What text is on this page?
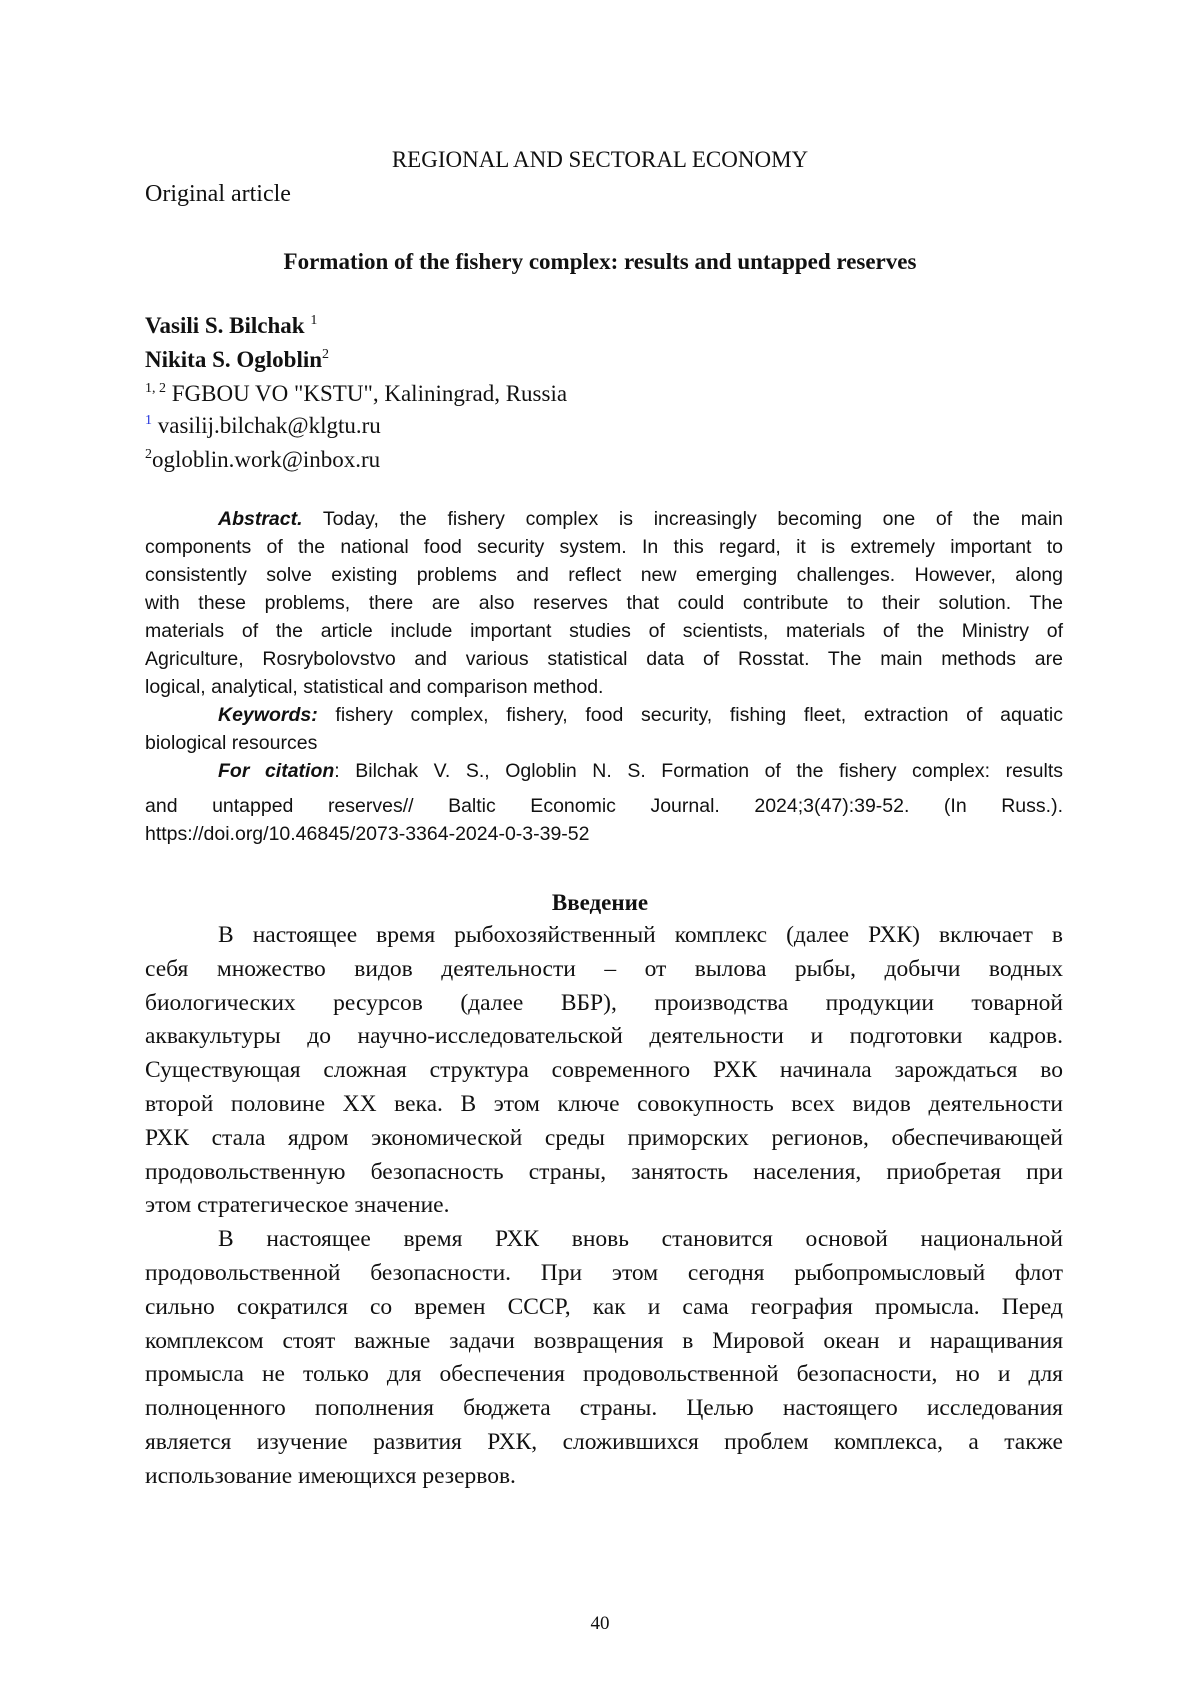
REGIONAL AND SECTORAL ECONOMY
Original article
Formation of the fishery complex: results and untapped reserves
Vasili S. Bilchak 1
Nikita S. Ogloblin2
1, 2 FGBOU VO "KSTU", Kaliningrad, Russia
1 vasilij.bilchak@klgtu.ru
2ogloblin.work@inbox.ru
Abstract. Today, the fishery complex is increasingly becoming one of the main
components of the national food security system. In this regard, it is extremely important to
consistently solve existing problems and reflect new emerging challenges. However, along
with these problems, there are also reserves that could contribute to their solution. The
materials of the article include important studies of scientists, materials of the Ministry of
Agriculture, Rosrybolovstvo and various statistical data of Rosstat. The main methods are
logical, analytical, statistical and comparison method.
Keywords: fishery complex, fishery, food security, fishing fleet, extraction of aquatic
biological resources
For citation: Bilchak V. S., Ogloblin N. S. Formation of the fishery complex: results
and untapped reserves// Baltic Economic Journal. 2024;3(47):39-52. (In Russ.).
https://doi.org/10.46845/2073-3364-2024-0-3-39-52
Введение
В настоящее время рыбохозяйственный комплекс (далее РХК) включает в
себя множество видов деятельности – от вылова рыбы, добычи водных
биологических ресурсов (далее ВБР), производства продукции товарной
аквакультуры до научно-исследовательской деятельности и подготовки кадров.
Существующая сложная структура современного РХК начинала зарождаться во
второй половине XX века. В этом ключе совокупность всех видов деятельности
РХК стала ядром экономической среды приморских регионов, обеспечивающей
продовольственную безопасность страны, занятость населения, приобретая при
этом стратегическое значение.
В настоящее время РХК вновь становится основой национальной
продовольственной безопасности. При этом сегодня рыбопромысловый флот
сильно сократился со времен СССР, как и сама география промысла. Перед
комплексом стоят важные задачи возвращения в Мировой океан и наращивания
промысла не только для обеспечения продовольственной безопасности, но и для
полноценного пополнения бюджета страны. Целью настоящего исследования
является изучение развития РХК, сложившихся проблем комплекса, а также
использование имеющихся резервов.
40
